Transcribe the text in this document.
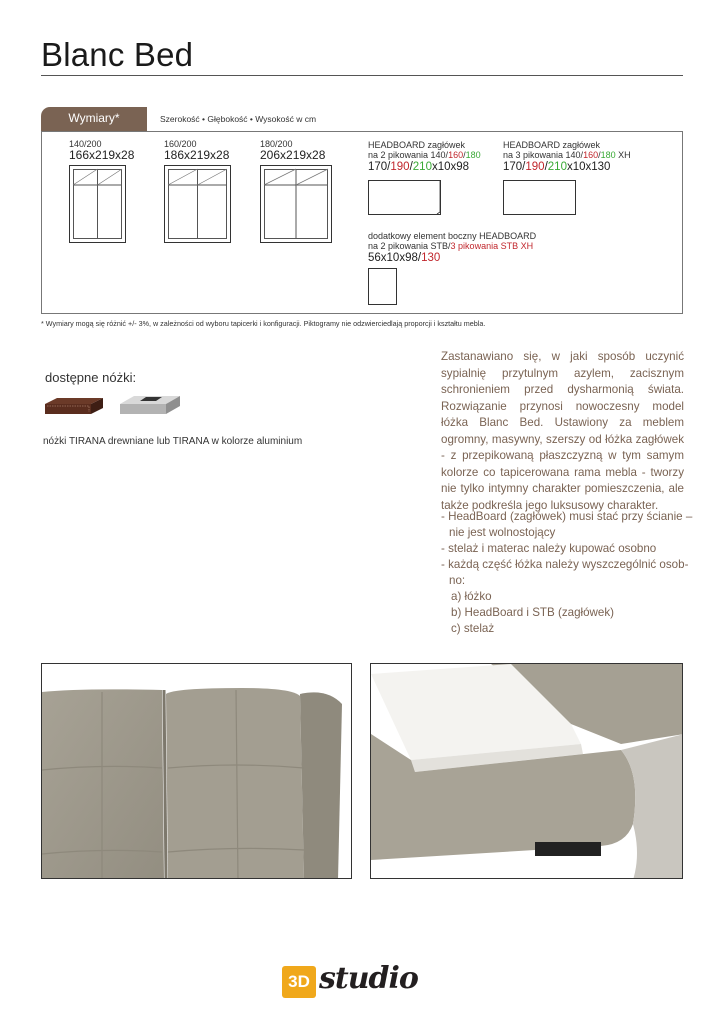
Blanc Bed
Wymiary*	Szerokość • Głębokość • Wysokość w cm
140/200
166x219x28
160/200
186x219x28
180/200
206x219x28
HEADBOARD zagłówek
na 2 pikowania 140/160/180
170/190/210x10x98
HEADBOARD zagłówek
na 3 pikowania 140/160/180 XH
170/190/210x10x130
dodatkowy element boczny HEADBOARD
na 2 pikowania STB/3 pikowania STB XH
56x10x98/130
* Wymiary mogą się różnić +/- 3%, w zależności od wyboru tapicerki i konfiguracji. Piktogramy nie odzwierciedlają proporcji i kształtu mebla.
dostępne nóżki:
nóżki TIRANA drewniane lub TIRANA w kolorze aluminium
Zastanawiano się, w jaki sposób uczynić sypialnię przytulnym azylem, zacisznym schronieniem przed dysharmonią świata. Rozwiązanie przynosi nowoczesny model łóżka Blanc Bed. Ustawiony za meblem ogromny, masywny, szerszy od łóżka zagłówek - z przepikowaną płaszczyzną w tym samym kolorze co tapicerowana rama mebla - tworzy nie tylko intymny charakter pomieszczenia, ale także podkreśla jego luksusowy charakter.
- HeadBoard (zagłówek) musi stać przy ścianie –
nie jest wolnostojący
- stelaż i materac należy kupować osobno
- każdą część łóżka należy wyszczególnić osob-
no:
a) łóżko
b) HeadBoard i STB (zagłówek)
c) stelaż
3D studio
